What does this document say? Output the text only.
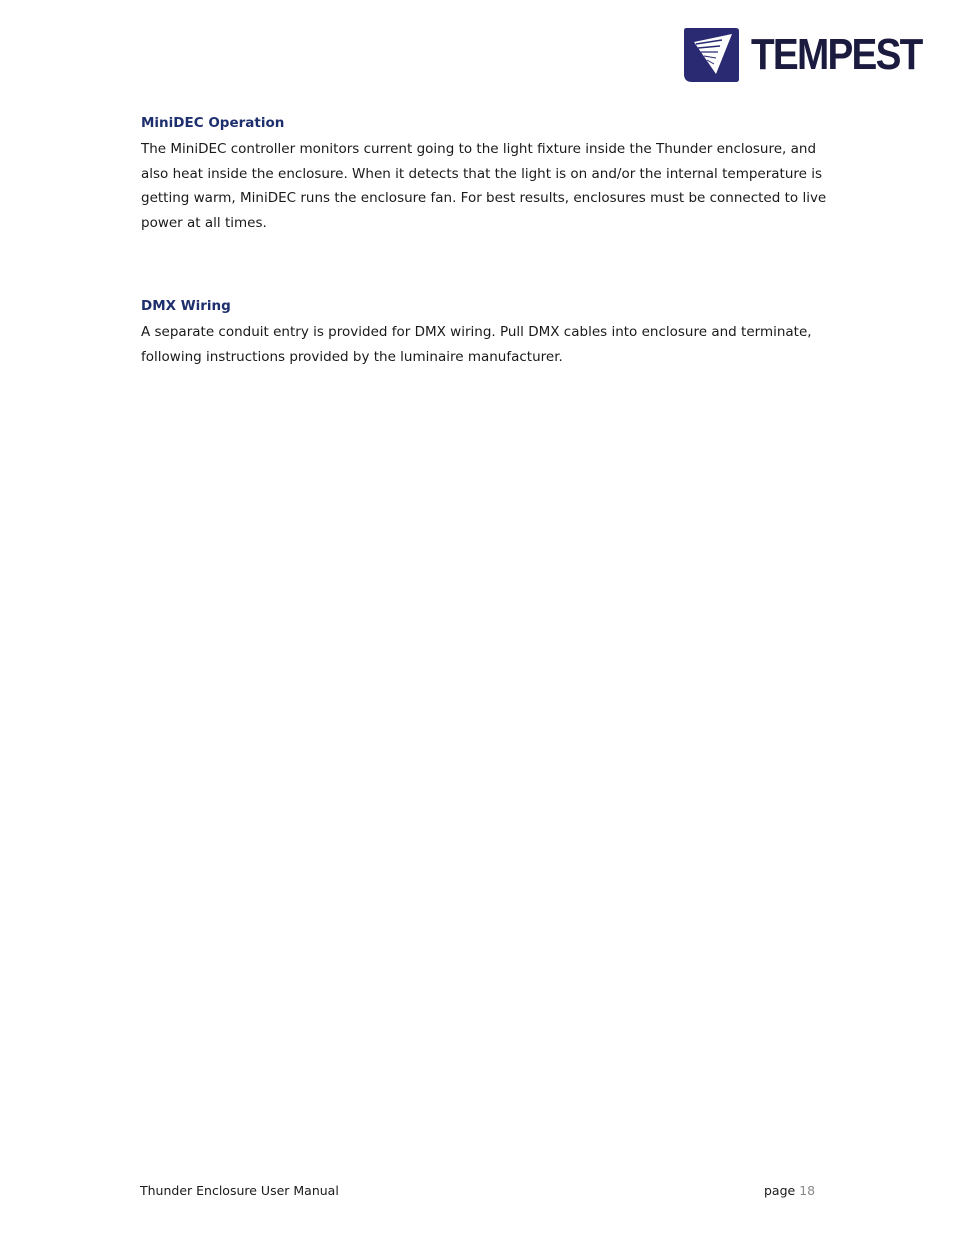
TEMPEST

MiniDEC Operation

The MiniDEC controller monitors current going to the light fixture inside the Thunder enclosure, and also heat inside the enclosure. When it detects that the light is on and/or the internal temperature is getting warm, MiniDEC runs the enclosure fan. For best results, enclosures must be connected to live power at all times.

DMX Wiring

A separate conduit entry is provided for DMX wiring. Pull DMX cables into enclosure and terminate, following instructions provided by the luminaire manufacturer.

Thunder Enclosure User Manual	page 18
